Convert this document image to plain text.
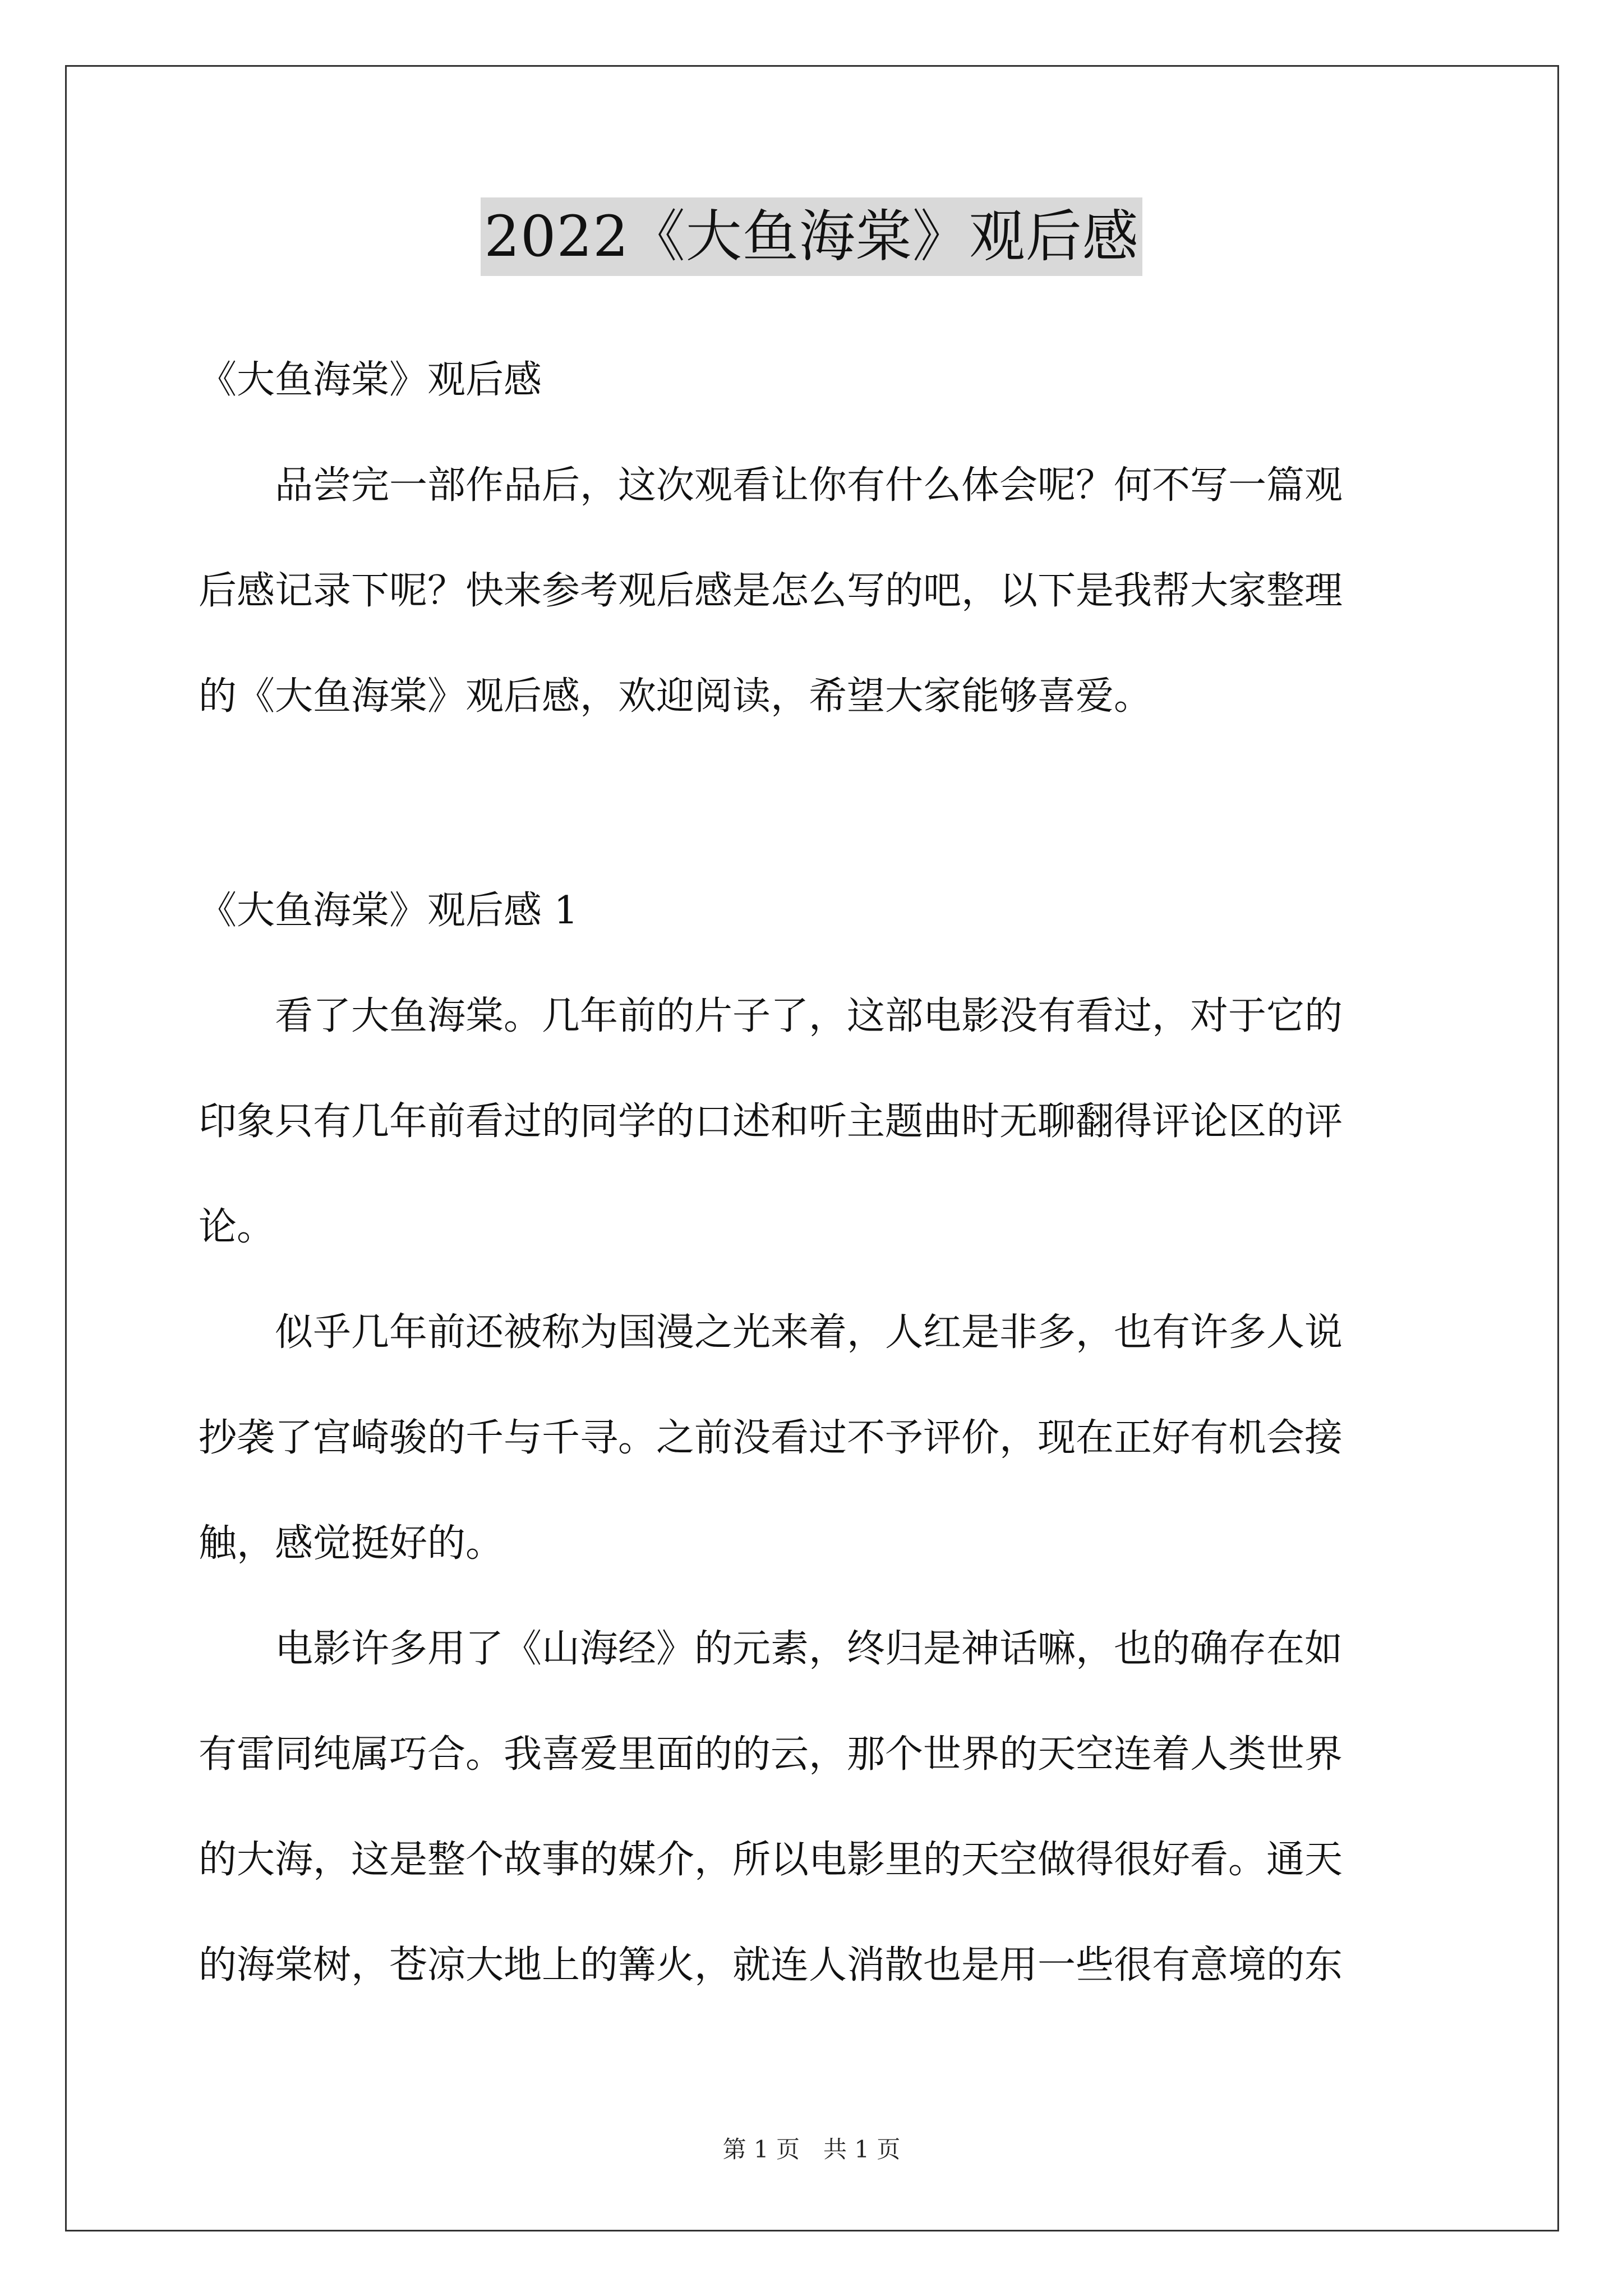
2022《大鱼海棠》观后感
《大鱼海棠》观后感
　　品尝完一部作品后，这次观看让你有什么体会呢？何不写一篇观
后感记录下呢？快来参考观后感是怎么写的吧，以下是我帮大家整理
的《大鱼海棠》观后感，欢迎阅读，希望大家能够喜爱。
《大鱼海棠》观后感 1
　　看了大鱼海棠。几年前的片子了，这部电影没有看过，对于它的
印象只有几年前看过的同学的口述和听主题曲时无聊翻得评论区的评
论。
　　似乎几年前还被称为国漫之光来着，人红是非多，也有许多人说
抄袭了宫崎骏的千与千寻。之前没看过不予评价，现在正好有机会接
触，感觉挺好的。
　　电影许多用了《山海经》的元素，终归是神话嘛，也的确存在如
有雷同纯属巧合。我喜爱里面的的云，那个世界的天空连着人类世界
的大海，这是整个故事的媒介，所以电影里的天空做得很好看。通天
的海棠树，苍凉大地上的篝火，就连人消散也是用一些很有意境的东
第 1 页　共 1 页
